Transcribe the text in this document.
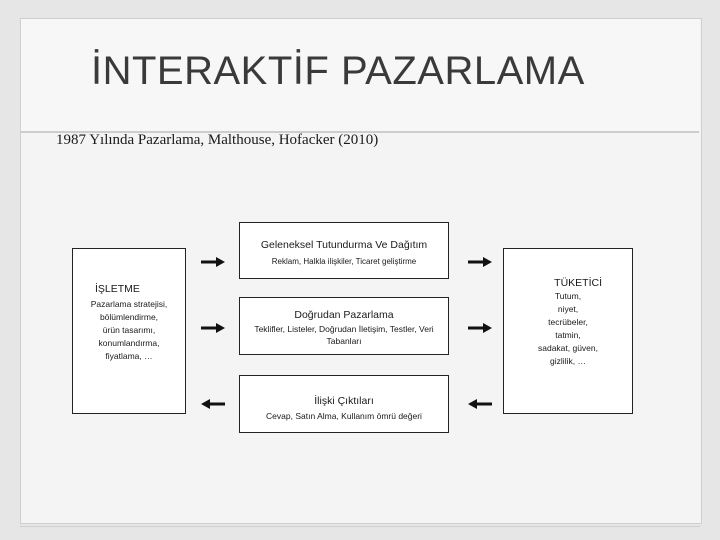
İNTERAKTİF PAZARLAMA
1987 Yılında Pazarlama, Malthouse, Hofacker (2010)
İŞLETME
Pazarlama stratejisi,
bölümlendirme,
ürün tasarımı,
konumlandırma,
fiyatlama, …
TÜKETİCİ
Tutum,
niyet,
tecrübeler,
tatmin,
sadakat, güven,
gizlilik, …
Geleneksel Tutundurma Ve Dağıtım
Reklam, Halkla ilişkiler, Ticaret geliştirme
Doğrudan Pazarlama
Teklifler, Listeler, Doğrudan İletişim, Testler, Veri Tabanları
İlişki Çıktıları
Cevap, Satın Alma, Kullanım ömrü değeri
